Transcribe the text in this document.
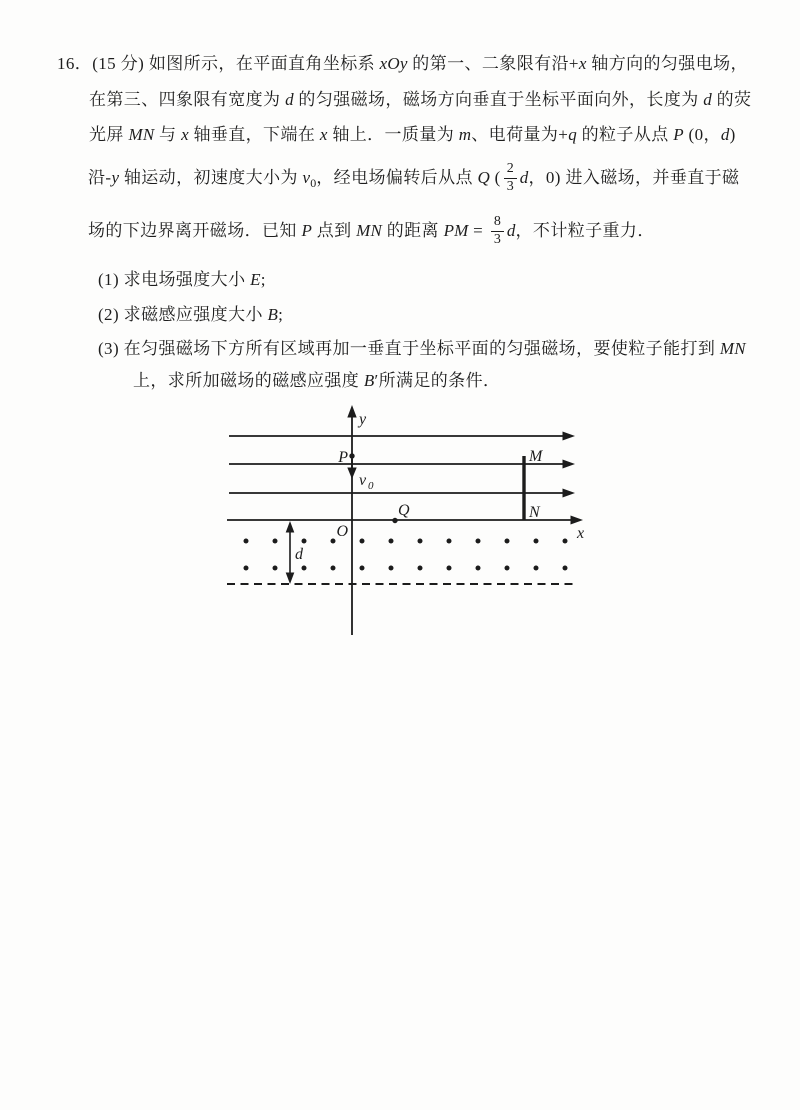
16．(15 分) 如图所示，在平面直角坐标系 xOy 的第一、二象限有沿+ x 轴方向的匀强电场，
在第三、四象限有宽度为 d 的匀强磁场，磁场方向垂直于坐标平面向外，长度为 d 的荧
光屏 MN 与 x 轴垂直，下端在 x 轴上．一质量为 m 、电荷量为+ q 的粒子从点 P (0， d )
沿- y 轴运动，初速度大小为 v 0 ，经电场偏转后从点 Q ( $\frac{2}{3}$ d ，0) 进入磁场，并垂直于磁
场的下边界离开磁场．已知 P 点到 MN 的距离 PM = $\frac{8}{3}$ d ，不计粒子重力．
(1) 求电场强度大小 E ;
(2) 求磁感应强度大小 B ;
(3) 在匀强磁场下方所有区域再加一垂直于坐标平面的匀强磁场，要使粒子能打到 MN
上，求所加磁场的磁感应强度 B ′所满足的条件．
y
x
O
P
v 0
Q
M
N
d
